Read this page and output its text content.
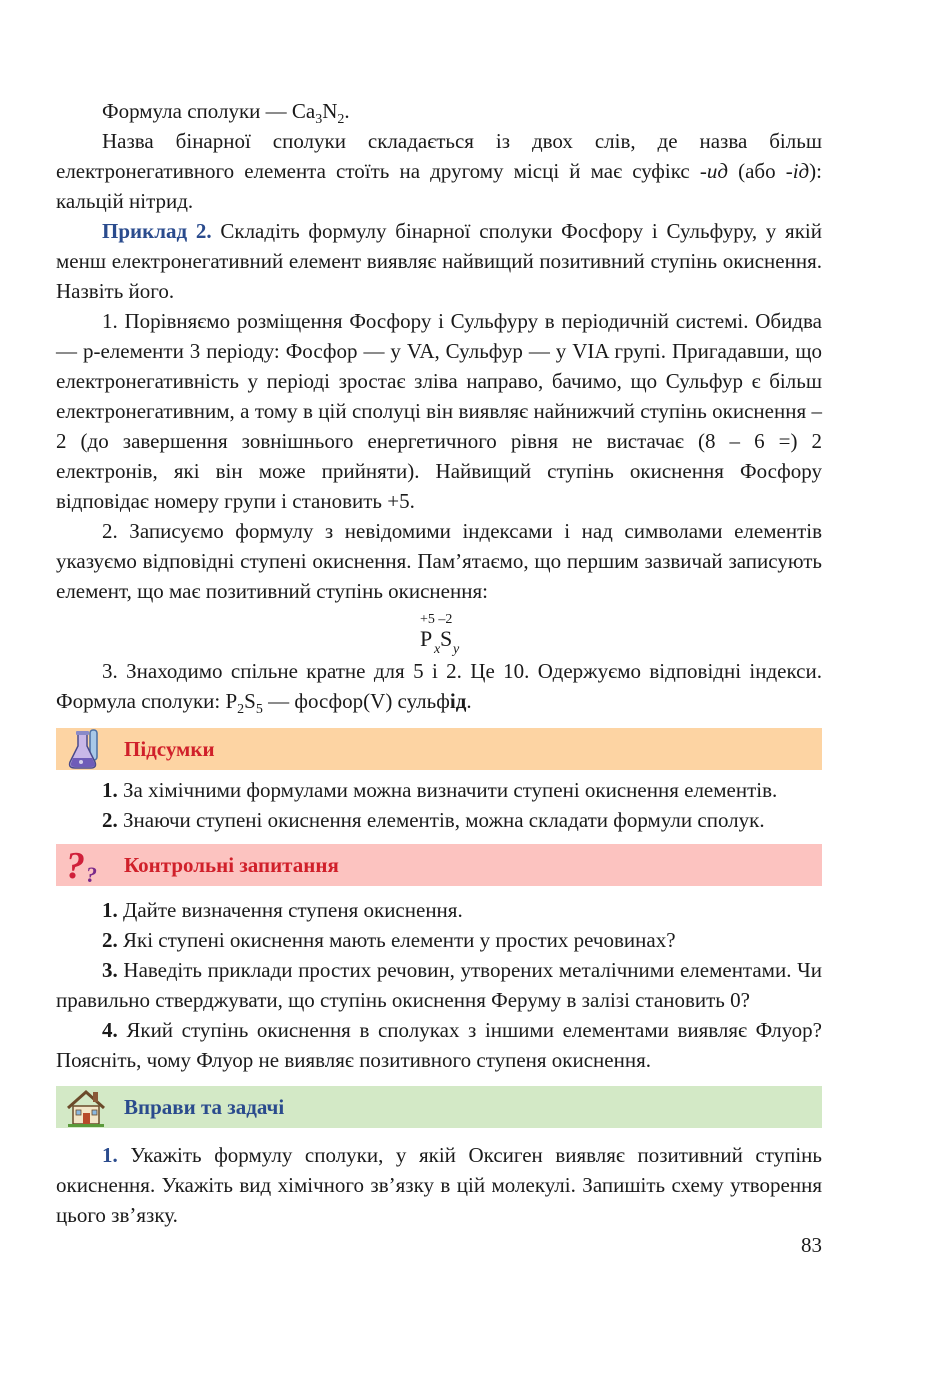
Формула сполуки — $Ca_3N_2$.

Назва бінарної сполуки складається із двох слів, де назва більш електронегативного елемента стоїть на другому місці й має суфікс -ид (або -ід): кальцій нітрид.

Приклад 2. Складіть формулу бінарної сполуки Фосфору і Сульфуру, у якій менш електронегативний елемент виявляє найвищий позитивний ступінь окиснення. Назвіть його.

1. Порівняємо розміщення Фосфору і Сульфуру в періодичній системі. Обидва — p-елементи 3 періоду: Фосфор — у VA, Сульфур — у VIA групі. Пригадавши, що електронегативність у періоді зростає зліва направо, бачимо, що Сульфур є більш електронегативним, а тому в цій сполуці він виявляє найнижчий ступінь окиснення –2 (до завершення зовнішнього енергетичного рівня не вистачає (8 – 6 =) 2 електронів, які він може прийняти). Найвищий ступінь окиснення Фосфору відповідає номеру групи і становить +5.

2. Записуємо формулу з невідомими індексами і над символами елементів указуємо відповідні ступені окиснення. Пам’ятаємо, що першим зазвичай записують елемент, що має позитивний ступінь окиснення:

+5 –2
P x S y

3. Знаходимо спільне кратне для 5 і 2. Це 10. Одержуємо відповідні індекси. Формула сполуки: $P_2S_5$ — фосфор(V) сульфід.

Підсумки

1. За хімічними формулами можна визначити ступені окиснення елементів.

2. Знаючи ступені окиснення елементів, можна складати формули сполук.

? ? Контрольні запитання

1. Дайте визначення ступеня окиснення.

2. Які ступені окиснення мають елементи у простих речовинах?

3. Наведіть приклади простих речовин, утворених металічними елементами. Чи правильно стверджувати, що ступінь окиснення Феруму в залізі становить 0?

4. Який ступінь окиснення в сполуках з іншими елементами виявляє Флуор? Поясніть, чому Флуор не виявляє позитивного ступеня окиснення.

Вправи та задачі

1. Укажіть формулу сполуки, у якій Оксиген виявляє позитивний ступінь окиснення. Укажіть вид хімічного зв’язку в цій молекулі. Запишіть схему утворення цього зв’язку.

83
